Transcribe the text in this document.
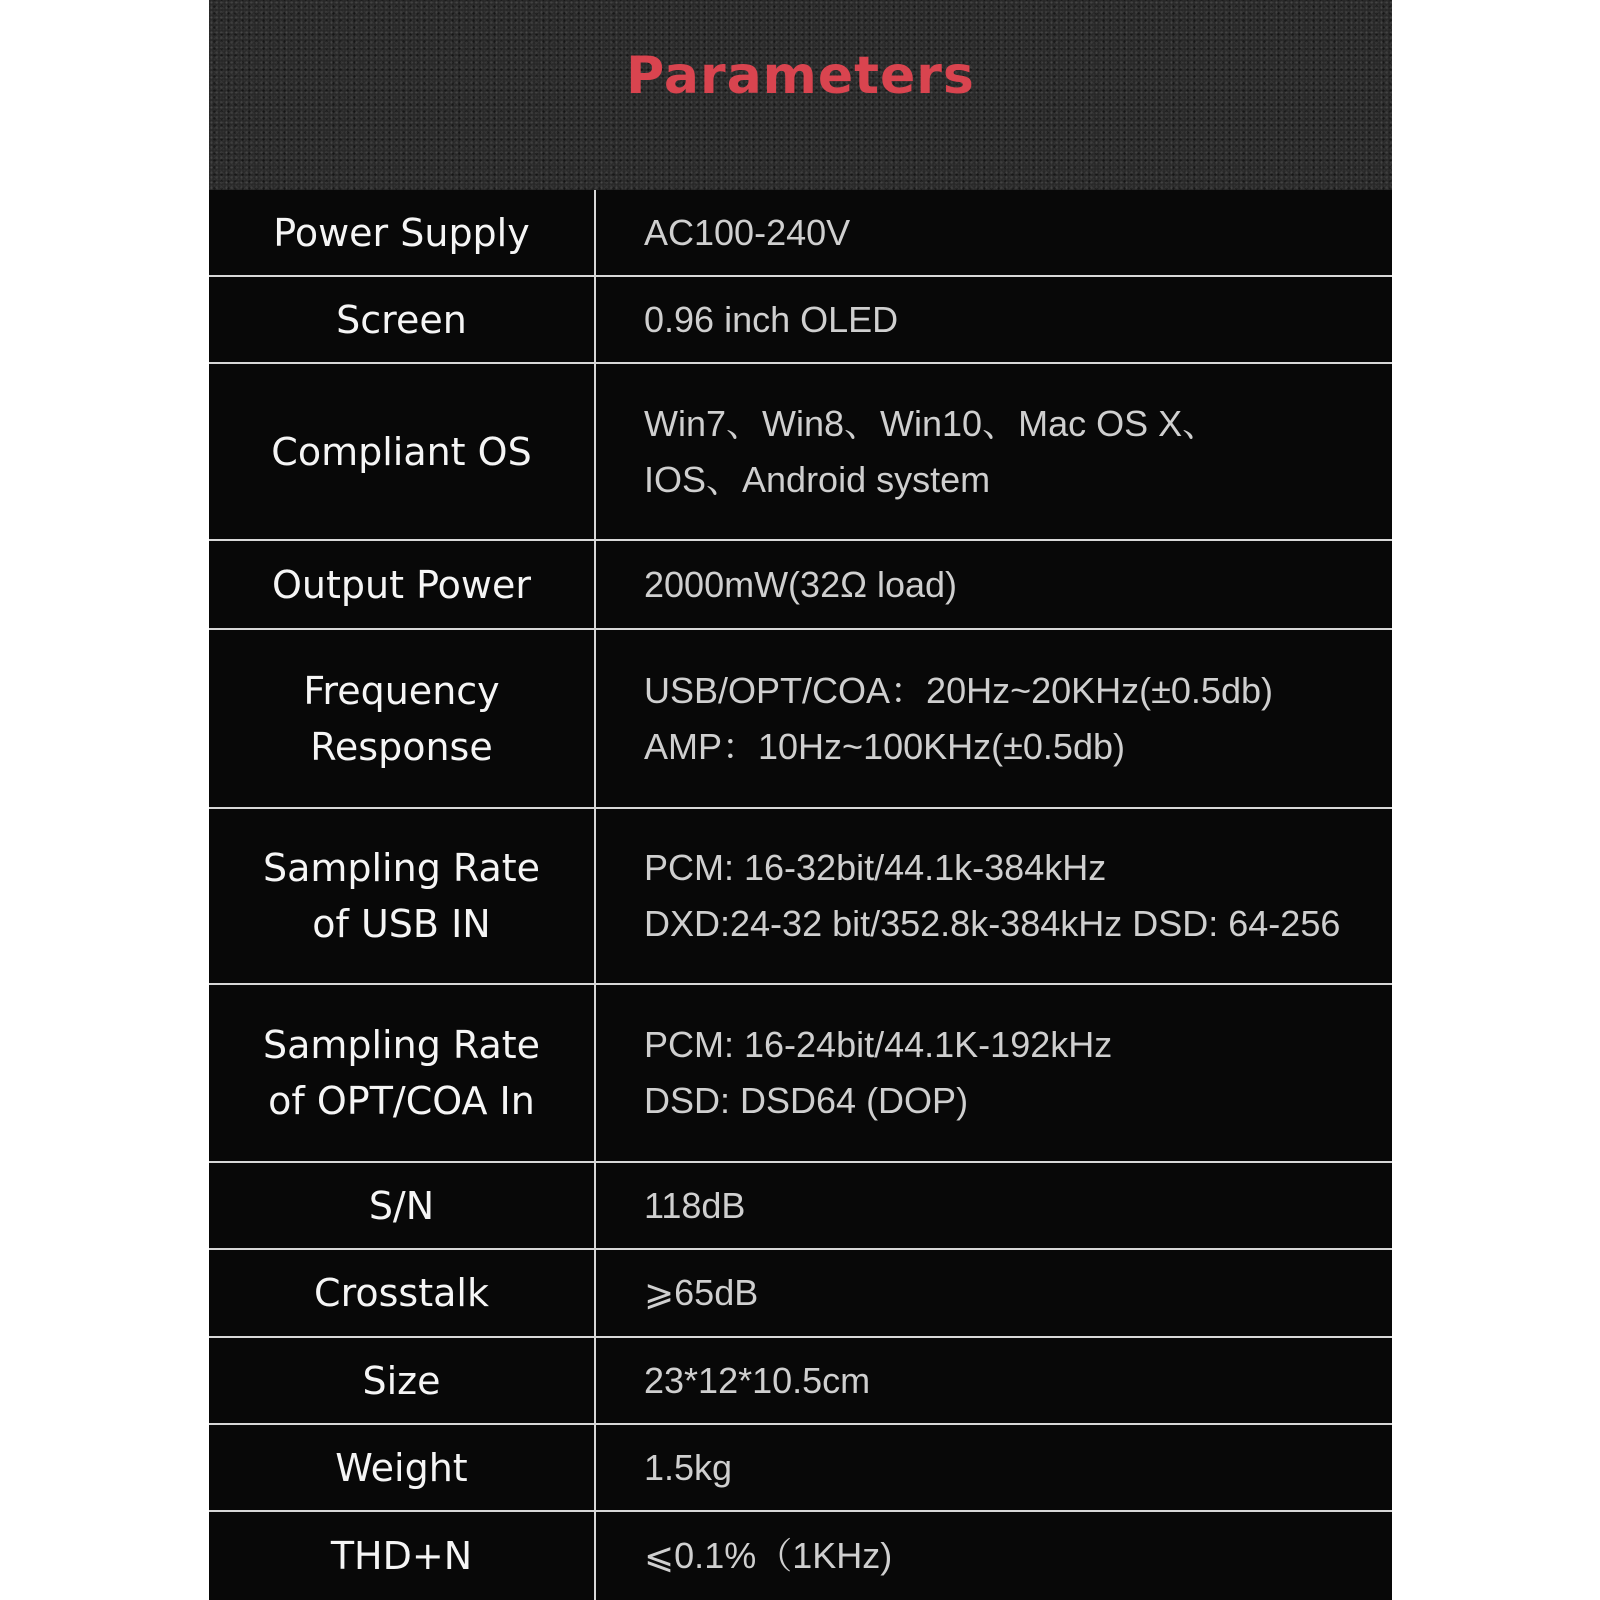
Parameters
Power Supply	AC100-240V

Screen	0.96 inch OLED

Compliant OS	Win7、Win8、Win10、Mac OS X、
IOS、Android system

Output Power	2000mW(32Ω load)

Frequency
Response	USB/OPT/COA：20Hz~20KHz(±0.5db)
AMP：10Hz~100KHz(±0.5db)

Sampling Rate
of USB IN	PCM: 16-32bit/44.1k-384kHz
DXD:24-32 bit/352.8k-384kHz DSD: 64-256

Sampling Rate
of OPT/COA In	PCM: 16-24bit/44.1K-192kHz
DSD: DSD64 (DOP)

S/N	118dB

Crosstalk	⩾65dB

Size	23*12*10.5cm

Weight	1.5kg

THD+N	⩽0.1%（1KHz)
